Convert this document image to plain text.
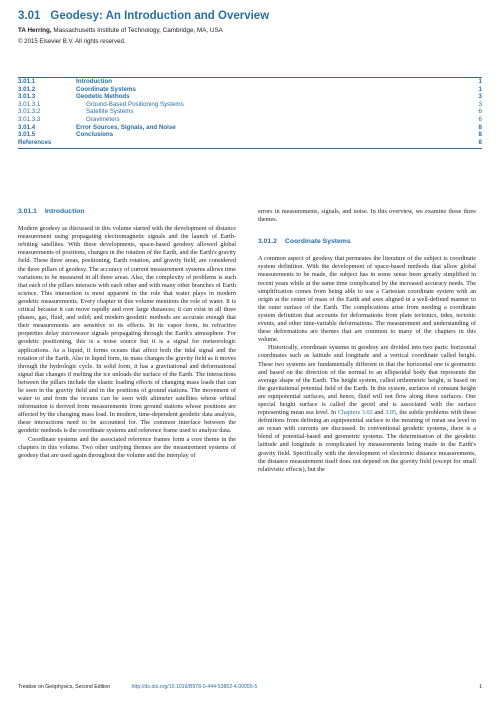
3.01 Geodesy: An Introduction and Overview
TA Herring, Massachusetts Institute of Technology, Cambridge, MA, USA
© 2015 Elsevier B.V. All rights reserved.
3.01.1	Introduction	1
3.01.2	Coordinate Systems	1
3.01.3	Geodetic Methods	3
3.01.3.1	Ground-Based Positioning Systems	3
3.01.3.2	Satellite Systems	6
3.01.3.3	Gravimeters	6
3.01.4	Error Sources, Signals, and Noise	8
3.01.5	Conclusions	8
References	8
3.01.1 Introduction

Modern geodesy as discussed in this volume started with the development of distance measurement using propagating electromagnetic signals and the launch of Earth-orbiting satellites. With these developments, space-based geodesy allowed global measurements of positions, changes in the rotation of the Earth, and the Earth's gravity field. These three areas, positioning, Earth rotation, and gravity field, are considered the three pillars of geodesy. The accuracy of current measurement systems allows time variations to be measured in all three areas. Also, the complexity of problems is such that each of the pillars interacts with each other and with many other branches of Earth science. This interaction is most apparent in the role that water plays in modern geodetic measurements. Every chapter in this volume mentions the role of water. It is critical because it can move rapidly and over large distances; it can exist in all three phases, gas, fluid, and solid; and modern geodetic methods are accurate enough that their measurements are sensitive to its effects. In its vapor form, its refractive properties delay microwave signals propagating through the Earth's atmosphere. For geodetic positioning, this is a noise source but it is a signal for meteorologic applications. As a liquid, it forms oceans that affect both the tidal signal and the rotation of the Earth. Also in liquid form, its mass changes the gravity field as it moves through the hydrologic cycle. In solid form, it has a gravitational and deformational signal that changes if melting the ice unloads the surface of the Earth. The interactions between the pillars include the elastic loading effects of changing mass loads that can be seen in the gravity field and in the positions of ground stations. The movement of water to and from the oceans can be seen with altimeter satellites whose orbital information is derived from measurements from ground stations whose positions are affected by the changing mass load. In modern, time-dependent geodetic data analysis, these interactions need to be accounted for. The common interface between the geodetic methods is the coordinate systems and reference frame used to analyze data.

Coordinate systems and the associated reference frames form a core theme in the chapters in this volume. Two other unifying themes are the measurement systems of geodesy that are used again throughout the volume and the interplay of

errors in measurements, signals, and noise. In this overview, we examine these three themes.

3.01.2 Coordinate Systems

A common aspect of geodesy that permeates the literature of the subject is coordinate system definition. With the development of space-based methods that allow global measurements to be made, the subject has in some sense been greatly simplified in recent years while at the same time complicated by the increased accuracy needs. The simplification comes from being able to use a Cartesian coordinate system with an origin at the center of mass of the Earth and axes aligned in a well-defined manner to the outer surface of the Earth. The complications arise from needing a coordinate system definition that accounts for deformations from plate tectonics, tides, tectonic events, and other time-variable deformations. The measurement and understanding of these deformations are themes that are common to many of the chapters in this volume.

Historically, coordinate systems in geodesy are divided into two parts: horizontal coordinates such as latitude and longitude and a vertical coordinate called height. These two systems are fundamentally different in that the horizontal one is geometric and based on the direction of the normal to an ellipsoidal body that represents the average shape of the Earth. The height system, called orthometric height, is based on the gravitational potential field of the Earth. In this system, surfaces of constant height are equipotential surfaces, and hence, fluid will not flow along these surfaces. One special height surface is called the geoid and is associated with the surface representing mean sea level. In Chapters 3.02 and 3.05, the subtle problems with these definitions from defining an equipotential surface to the meaning of mean sea level in an ocean with currents are discussed. In conventional geodetic systems, there is a blend of potential-based and geometric systems. The determination of the geodetic latitude and longitude is complicated by measurements being made in the Earth's gravity field. Specifically with the development of electronic distance measurements, the distance measurement itself does not depend on the gravity field (except for small relativistic effects), but the

Treatise on Geophysics, Second Edition	http://dx.doi.org/10.1016/B978-0-444-53802-4.00055-5	1
